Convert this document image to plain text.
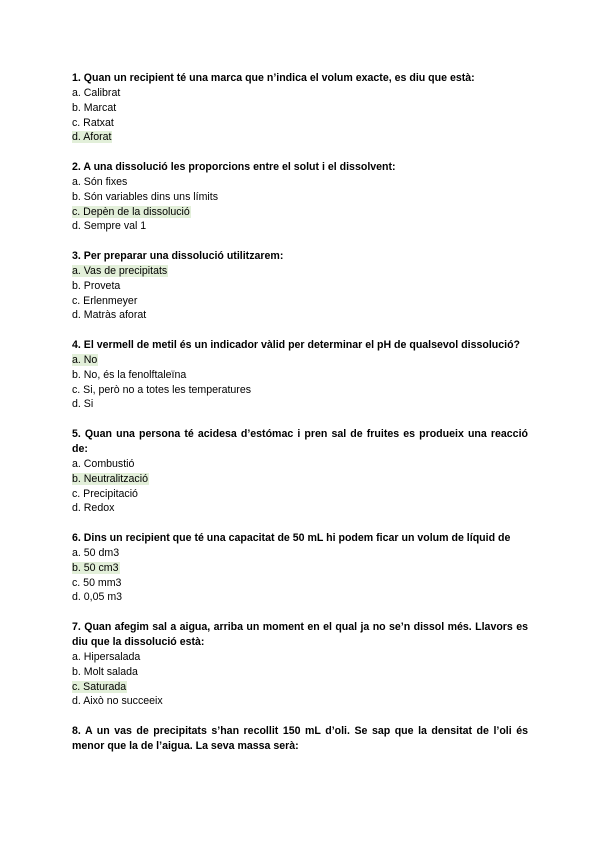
1. Quan un recipient té una marca que n’indica el volum exacte, es diu que està:

a. Calibrat

b. Marcat

c. Ratxat

d. Aforat

2. A una dissolució les proporcions entre el solut i el dissolvent:

a. Són fixes

b. Són variables dins uns límits

c. Depèn de la dissolució

d. Sempre val 1

3. Per preparar una dissolució utilitzarem:

a. Vas de precipitats

b. Proveta

c. Erlenmeyer

d. Matràs aforat

4. El vermell de metil és un indicador vàlid per determinar el pH de qualsevol dissolució?

a. No

b. No, és la fenolftaleïna

c. Si, però no a totes les temperatures

d. Si

5. Quan una persona té acidesa d’estómac i pren sal de fruites es produeix una reacció de:

a. Combustió

b. Neutralització

c. Precipitació

d. Redox

6. Dins un recipient que té una capacitat de 50 mL hi podem ficar un volum de líquid de

a. 50 dm3

b. 50 cm3

c. 50 mm3

d. 0,05 m3

7. Quan afegim sal a aigua, arriba un moment en el qual ja no se’n dissol més. Llavors es diu que la dissolució està:

a. Hipersalada

b. Molt salada

c. Saturada

d. Això no succeeix

8. A un vas de precipitats s’han recollit 150 mL d’oli. Se sap que la densitat de l’oli és menor que la de l’aigua. La seva massa serà:
